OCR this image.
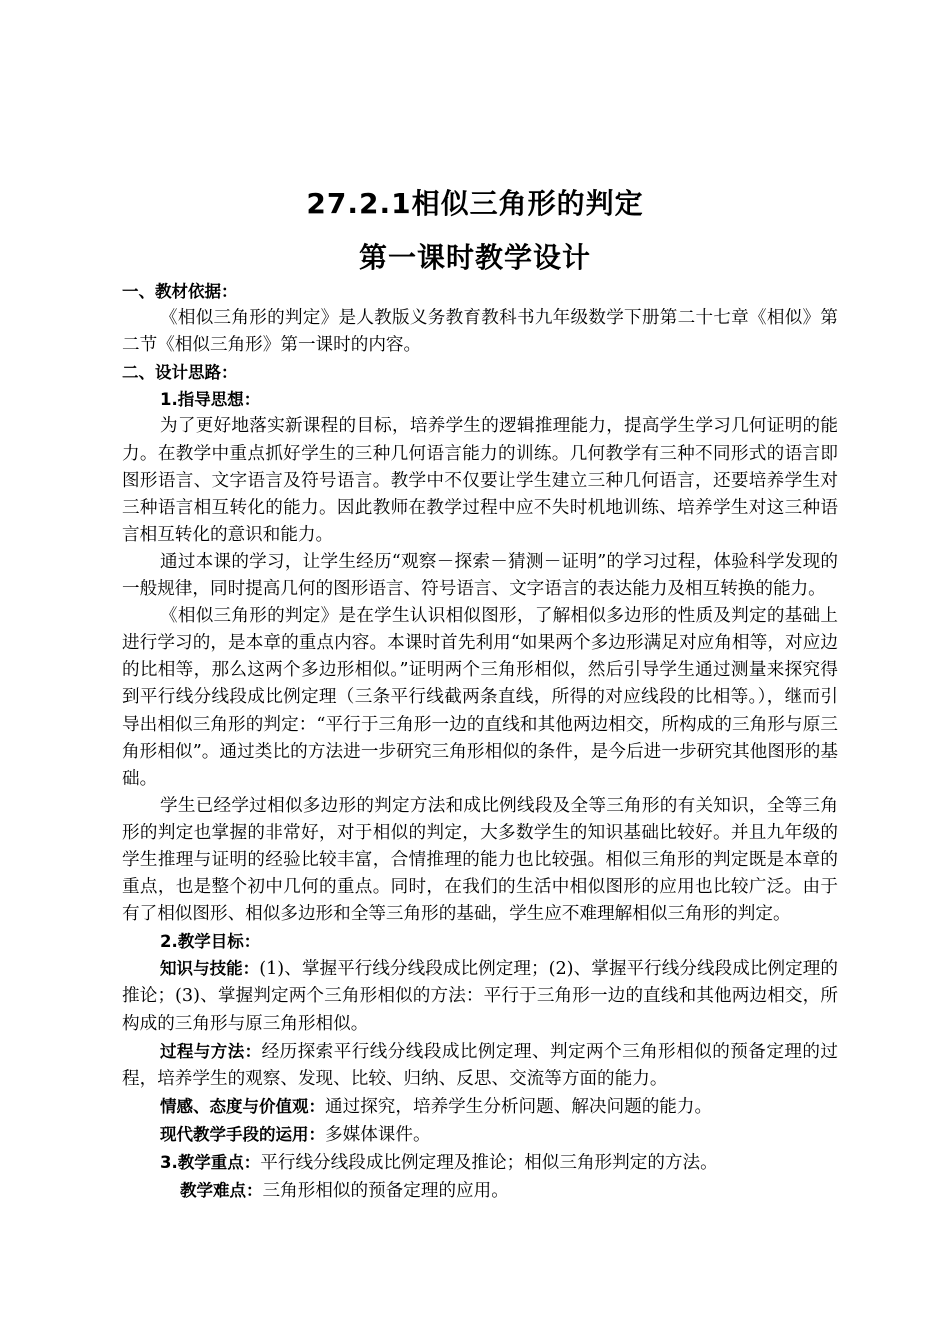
27.2.1相似三角形的判定
第一课时教学设计

一、教材依据：

《相似三角形的判定》是人教版义务教育教科书九年级数学下册第二十七章《相似》第二节《相似三角形》第一课时的内容。

二、设计思路：

1.指导思想：

为了更好地落实新课程的目标，培养学生的逻辑推理能力，提高学生学习几何证明的能力。在教学中重点抓好学生的三种几何语言能力的训练。几何教学有三种不同形式的语言即图形语言、文字语言及符号语言。教学中不仅要让学生建立三种几何语言，还要培养学生对三种语言相互转化的能力。因此教师在教学过程中应不失时机地训练、培养学生对这三种语言相互转化的意识和能力。

通过本课的学习，让学生经历“观察－探索－猜测－证明”的学习过程，体验科学发现的一般规律，同时提高几何的图形语言、符号语言、文字语言的表达能力及相互转换的能力。

《相似三角形的判定》是在学生认识相似图形，了解相似多边形的性质及判定的基础上进行学习的，是本章的重点内容。本课时首先利用“如果两个多边形满足对应角相等，对应边的比相等，那么这两个多边形相似。”证明两个三角形相似，然后引导学生通过测量来探究得到平行线分线段成比例定理（三条平行线截两条直线，所得的对应线段的比相等。），继而引导出相似三角形的判定：“平行于三角形一边的直线和其他两边相交，所构成的三角形与原三角形相似”。通过类比的方法进一步研究三角形相似的条件，是今后进一步研究其他图形的基础。

学生已经学过相似多边形的判定方法和成比例线段及全等三角形的有关知识，全等三角形的判定也掌握的非常好，对于相似的判定，大多数学生的知识基础比较好。并且九年级的学生推理与证明的经验比较丰富，合情推理的能力也比较强。相似三角形的判定既是本章的重点，也是整个初中几何的重点。同时，在我们的生活中相似图形的应用也比较广泛。由于有了相似图形、相似多边形和全等三角形的基础，学生应不难理解相似三角形的判定。

2.教学目标：

知识与技能：(1)、掌握平行线分线段成比例定理；(2)、掌握平行线分线段成比例定理的推论；(3)、掌握判定两个三角形相似的方法：平行于三角形一边的直线和其他两边相交，所构成的三角形与原三角形相似。

过程与方法：经历探索平行线分线段成比例定理、判定两个三角形相似的预备定理的过程，培养学生的观察、发现、比较、归纳、反思、交流等方面的能力。

情感、态度与价值观：通过探究，培养学生分析问题、解决问题的能力。

现代教学手段的运用：多媒体课件。

3.教学重点：平行线分线段成比例定理及推论；相似三角形判定的方法。

教学难点：三角形相似的预备定理的应用。
